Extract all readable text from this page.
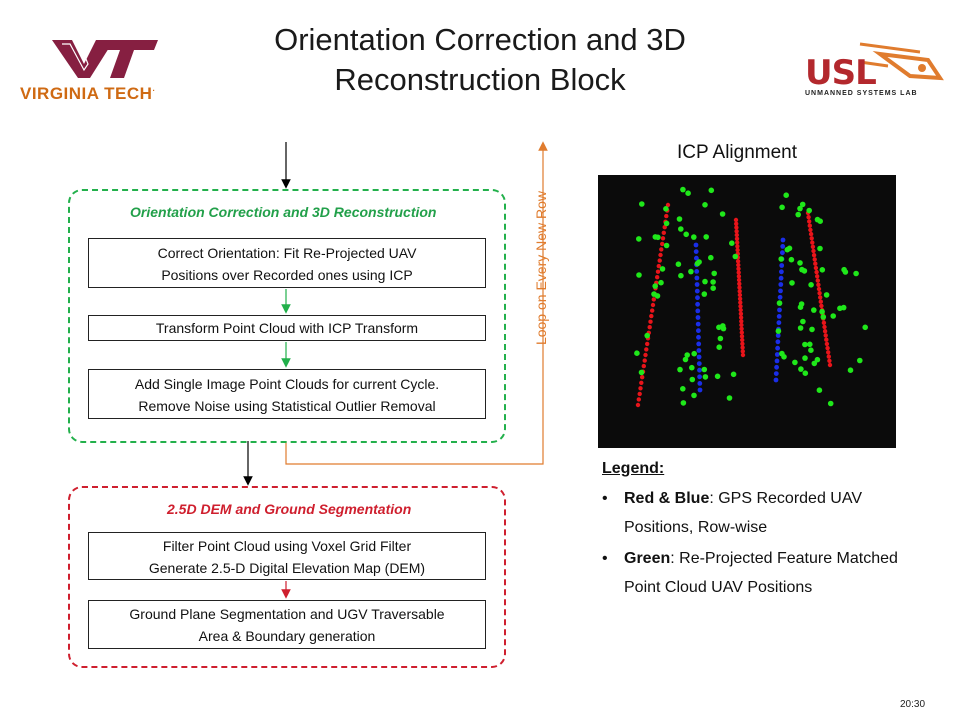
Orientation Correction and 3D
Reconstruction Block
VIRGINIA TECH.	USL
UNMANNED SYSTEMS LAB
Orientation Correction and 3D Reconstruction
2.5D DEM and Ground Segmentation
Correct Orientation: Fit Re-Projected UAV
Positions over Recorded ones using ICP
Transform Point Cloud with ICP Transform
Add Single Image Point Clouds for current Cycle.
Remove Noise using Statistical Outlier Removal
Filter Point Cloud using Voxel Grid Filter
Generate 2.5-D Digital Elevation Map (DEM)
Ground Plane Segmentation and UGV Traversable
Area & Boundary generation
Loop on Every New Row
ICP Alignment
Legend:
• Red & Blue: GPS Recorded UAV Positions, Row-wise
• Green: Re-Projected Feature Matched Point Cloud UAV Positions
20:30
